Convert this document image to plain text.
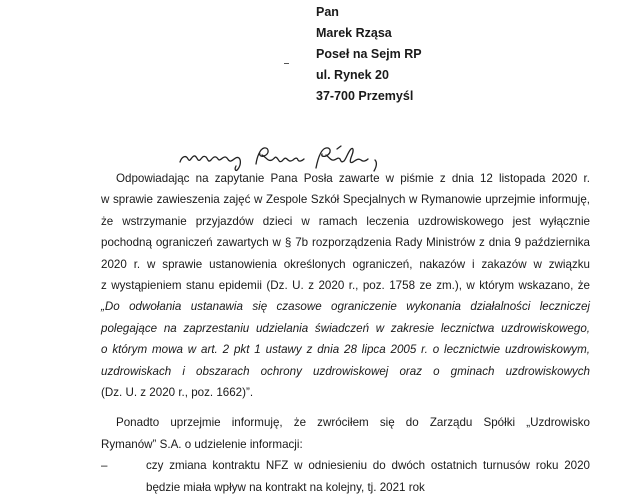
Pan
Marek Rząsa
Poseł na Sejm RP
ul. Rynek 20
37-700 Przemyśl
Odpowiadając na zapytanie Pana Posła zawarte w piśmie z dnia 12 listopada 2020 r.
w sprawie zawieszenia zajęć w Zespole Szkół Specjalnych w Rymanowie uprzejmie informuję,
że wstrzymanie przyjazdów dzieci w ramach leczenia uzdrowiskowego jest wyłącznie
pochodną ograniczeń zawartych w § 7b rozporządzenia Rady Ministrów z dnia 9 października
2020 r. w sprawie ustanowienia określonych ograniczeń, nakazów i zakazów w związku
z wystąpieniem stanu epidemii (Dz. U. z 2020 r., poz. 1758 ze zm.), w którym wskazano, że
„Do odwołania ustanawia się czasowe ograniczenie wykonania działalności leczniczej
polegające na zaprzestaniu udzielania świadczeń w zakresie lecznictwa uzdrowiskowego,
o którym mowa w art. 2 pkt 1 ustawy z dnia 28 lipca 2005 r. o lecznictwie uzdrowiskowym,
uzdrowiskach i obszarach ochrony uzdrowiskowej oraz o gminach uzdrowiskowych
(Dz. U. z 2020 r., poz. 1662)”.
Ponadto uprzejmie informuję, że zwróciłem się do Zarządu Spółki „Uzdrowisko
Rymanów” S.A. o udzielenie informacji:
–	czy zmiana kontraktu NFZ w odniesieniu do dwóch ostatnich turnusów roku 2020
będzie miała wpływ na kontrakt na kolejny, tj. 2021 rok
